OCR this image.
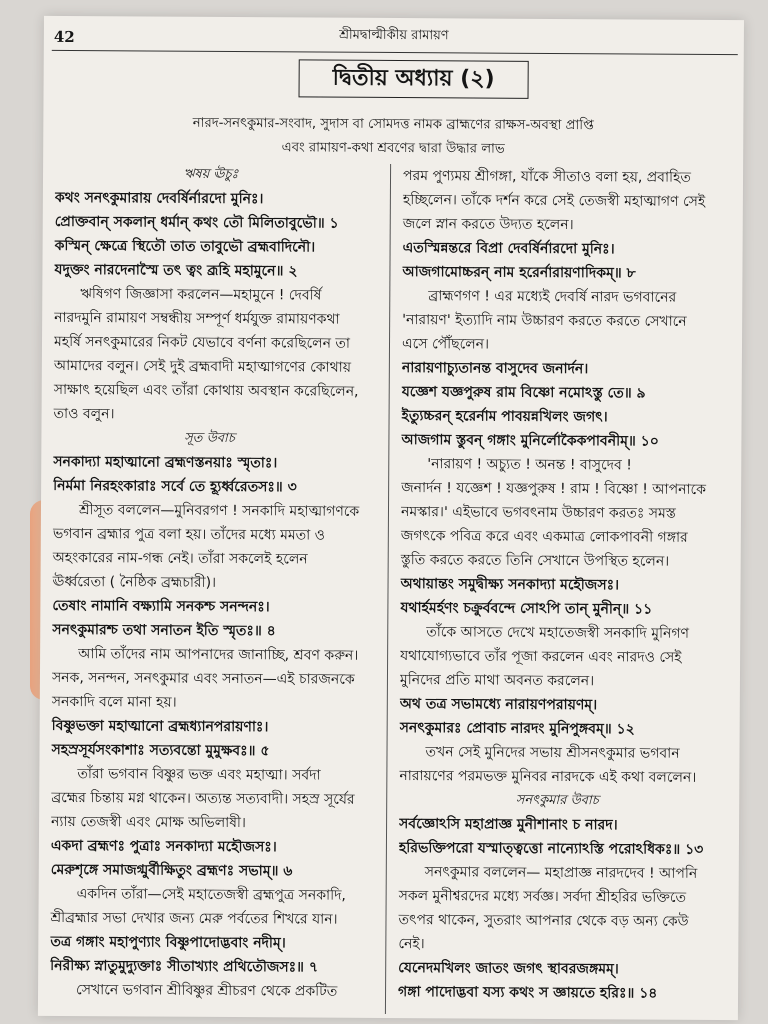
42	শ্রীমদ্বাল্মীকীয় রামায়ণ
দ্বিতীয় অধ্যায় (২)
নারদ-সনৎকুমার-সংবাদ, সুদাস বা সোমদত্ত নামক ব্রাহ্মণের রাক্ষস-অবস্থা প্রাপ্তি
এবং রামায়ণ-কথা শ্রবণের দ্বারা উদ্ধার লাভ
ঋষয় ঊচুঃ
কথং সনৎকুমারায় দেবর্ষির্নারদো মুনিঃ।
প্রোক্তবান্ সকলান্ ধর্মান্ কথং তৌ মিলিতাবুভৌ॥ ১
কস্মিন্ ক্ষেত্রে স্থিতৌ তাত তাবুভৌ ব্রহ্মবাদিনৌ।
যদুক্তং নারদেনাস্মৈ তৎ ত্বং ব্রূহি মহামুনে॥ ২
ঋষিগণ জিজ্ঞাসা করলেন—মহামুনে ! দেবর্ষি
নারদমুনি রামায়ণ সম্বন্ধীয় সম্পূর্ণ ধর্মযুক্ত রামায়ণকথা
মহর্ষি সনৎকুমারের নিকট যেভাবে বর্ণনা করেছিলেন তা
আমাদের বলুন। সেই দুই ব্রহ্মবাদী মহাত্মাগণের কোথায়
সাক্ষাৎ হয়েছিল এবং তাঁরা কোথায় অবস্থান করেছিলেন,
তাও বলুন।
সূত উবাচ
সনকাদ্যা মহাত্মানো ব্রহ্মণস্তনয়াঃ স্মৃতাঃ।
নির্মমা নিরহংকারাঃ সর্বে তে হ্যূর্ধ্বরেতসঃ॥ ৩
শ্রীসূত বললেন—মুনিবরগণ ! সনকাদি মহাত্মাগণকে
ভগবান ব্রহ্মার পুত্র বলা হয়। তাঁদের মধ্যে মমতা ও
অহংকারের নাম-গন্ধ নেই। তাঁরা সকলেই হলেন
ঊর্ধ্বরেতা ( নৈষ্ঠিক ব্রহ্মচারী)।
তেষাং নামানি বক্ষ্যামি সনকশ্চ সনন্দনঃ।
সনৎকুমারশ্চ তথা সনাতন ইতি স্মৃতঃ॥ ৪
আমি তাঁদের নাম আপনাদের জানাচ্ছি, শ্রবণ করুন।
সনক, সনন্দন, সনৎকুমার এবং সনাতন—এই চারজনকে
সনকাদি বলে মানা হয়।
বিষ্ণুভক্তা মহাত্মানো ব্রহ্মধ্যানপরায়ণাঃ।
সহস্রসূর্যসংকাশাঃ সত্যবন্তো মুমুক্ষবঃ॥ ৫
তাঁরা ভগবান বিষ্ণুর ভক্ত এবং মহাত্মা। সর্বদা
ব্রহ্মের চিন্তায় মগ্ন থাকেন। অত্যন্ত সত্যবাদী। সহস্র সূর্যের
ন্যায় তেজস্বী এবং মোক্ষ অভিলাষী।
একদা ব্রহ্মণঃ পুত্রাঃ সনকাদ্যা মহৌজসঃ।
মেরুশৃঙ্গে সমাজগ্মুর্বীক্ষিতুং ব্রহ্মণঃ সভাম্॥ ৬
একদিন তাঁরা—সেই মহাতেজস্বী ব্রহ্মপুত্র সনকাদি,
শ্রীব্রহ্মার সভা দেখার জন্য মেরু পর্বতের শিখরে যান।
তত্র গঙ্গাং মহাপুণ্যাং বিষ্ণুপাদোদ্ভবাং নদীম্।
নিরীক্ষ্য স্নাতুমুদ্যুক্তাঃ সীতাখ্যাং প্রথিতৌজসঃ॥ ৭
সেখানে ভগবান শ্রীবিষ্ণুর শ্রীচরণ থেকে প্রকটিত
পরম পুণ্যময় শ্রীগঙ্গা, যাঁকে সীতাও বলা হয়, প্রবাহিত
হচ্ছিলেন। তাঁকে দর্শন করে সেই তেজস্বী মহাত্মাগণ সেই
জলে স্নান করতে উদ্যত হলেন।
এতস্মিন্নন্তরে বিপ্রা দেবর্ষির্নারদো মুনিঃ।
আজগামোচ্চরন্ নাম হরের্নারায়ণাদিকম্॥ ৮
ব্রাহ্মণগণ ! এর মধ্যেই দেবর্ষি নারদ ভগবানের
'নারায়ণ' ইত্যাদি নাম উচ্চারণ করতে করতে সেখানে
এসে পৌঁছলেন।
নারায়ণাচ্যুতানন্ত বাসুদেব জনার্দন।
যজ্ঞেশ যজ্ঞপুরুষ রাম বিষ্ণো নমোঽস্তু তে॥ ৯
ইত্যুচ্চরন্ হরের্নাম পাবয়ন্নখিলং জগৎ।
আজগাম স্তুবন্ গঙ্গাং মুনির্লোকৈকপাবনীম্॥ ১০
'নারায়ণ ! অচ্যুত ! অনন্ত ! বাসুদেব !
জনার্দন ! যজ্ঞেশ ! যজ্ঞপুরুষ ! রাম ! বিষ্ণো ! আপনাকে
নমস্কার।' এইভাবে ভগবৎনাম উচ্চারণ করতঃ সমস্ত
জগৎকে পবিত্র করে এবং একমাত্র লোকপাবনী গঙ্গার
স্তুতি করতে করতে তিনি সেখানে উপস্থিত হলেন।
অথায়ান্তং সমুদ্বীক্ষ্য সনকাদ্যা মহৌজসঃ।
যথার্হমর্হণং চক্রুর্ববন্দে সোঽপি তান্ মুনীন্॥ ১১
তাঁকে আসতে দেখে মহাতেজস্বী সনকাদি মুনিগণ
যথাযোগ্যভাবে তাঁর পূজা করলেন এবং নারদও সেই
মুনিদের প্রতি মাথা অবনত করলেন।
অথ তত্র সভামধ্যে নারায়ণপরায়ণম্।
সনৎকুমারঃ প্রোবাচ নারদং মুনিপুঙ্গবম্॥ ১২
তখন সেই মুনিদের সভায় শ্রীসনৎকুমার ভগবান
নারায়ণের পরমভক্ত মুনিবর নারদকে এই কথা বললেন।
সনৎকুমার উবাচ
সর্বজ্ঞোঽসি মহাপ্রাজ্ঞ মুনীশানাং চ নারদ।
হরিভক্তিপরো যস্মাত্ত্বত্তো নান্যোঽস্তি পরোঽধিকঃ॥ ১৩
সনৎকুমার বললেন— মহাপ্রাজ্ঞ নারদদেব ! আপনি
সকল মুনীশ্বরদের মধ্যে সর্বজ্ঞ। সর্বদা শ্রীহরির ভক্তিতে
তৎপর থাকেন, সুতরাং আপনার থেকে বড় অন্য কেউ
নেই।
যেনেদমখিলং জাতং জগৎ স্থাবরজঙ্গমম্।
গঙ্গা পাদোদ্ভবা যস্য কথং স জ্ঞায়তে হরিঃ॥ ১৪
